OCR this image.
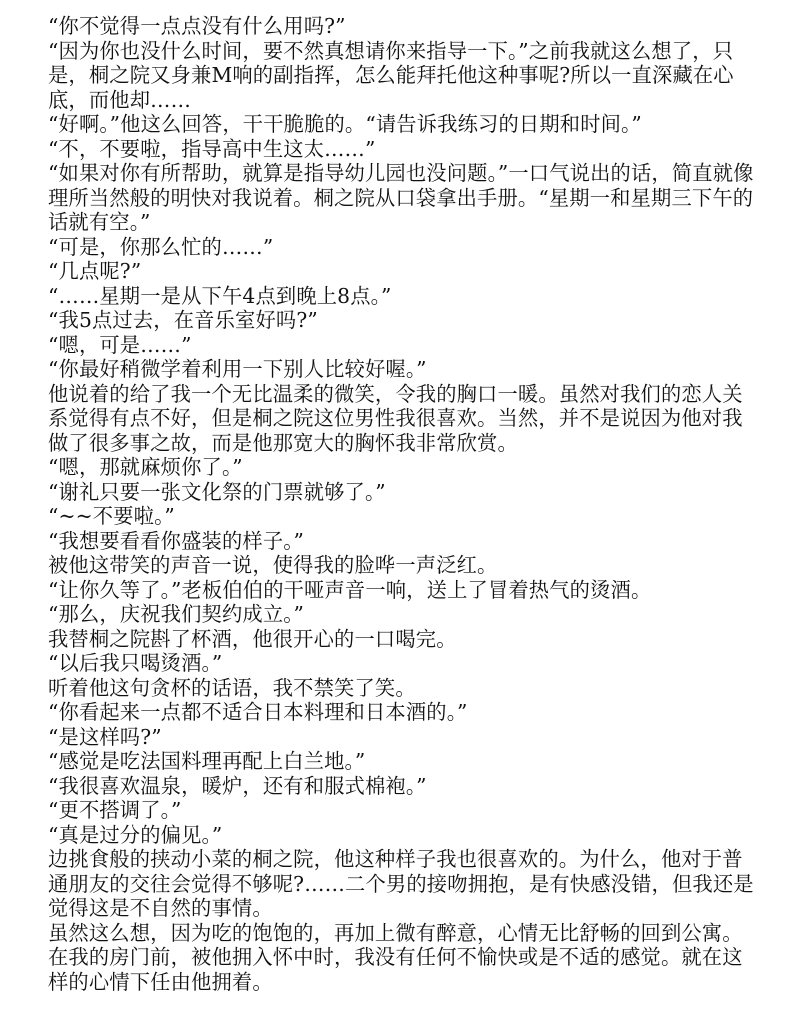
“你不觉得一点点没有什么用吗?”

“因为你也没什么时间，要不然真想请你来指导一下。”之前我就这么想了，只是，桐之院又身兼M响的副指挥，怎么能拜托他这种事呢?所以一直深藏在心底，而他却……

“好啊。”他这么回答，干干脆脆的。“请告诉我练习的日期和时间。”

“不，不要啦，指导高中生这太……”

“如果对你有所帮助，就算是指导幼儿园也没问题。”一口气说出的话，简直就像理所当然般的明快对我说着。桐之院从口袋拿出手册。“星期一和星期三下午的话就有空。”

“可是，你那么忙的……”

“几点呢?”

“……星期一是从下午4点到晚上8点。”

“我5点过去，在音乐室好吗?”

“嗯，可是……”

“你最好稍微学着利用一下别人比较好喔。”

他说着的给了我一个无比温柔的微笑，令我的胸口一暖。虽然对我们的恋人关系觉得有点不好，但是桐之院这位男性我很喜欢。当然，并不是说因为他对我做了很多事之故，而是他那宽大的胸怀我非常欣赏。

“嗯，那就麻烦你了。”

“谢礼只要一张文化祭的门票就够了。”

“~~不要啦。”

“我想要看看你盛装的样子。”

被他这带笑的声音一说，使得我的脸哗一声泛红。

“让你久等了。”老板伯伯的干哑声音一响，送上了冒着热气的烫酒。

“那么，庆祝我们契约成立。”

我替桐之院斟了杯酒，他很开心的一口喝完。

“以后我只喝烫酒。”

听着他这句贪杯的话语，我不禁笑了笑。

“你看起来一点都不适合日本料理和日本酒的。”

“是这样吗?”

“感觉是吃法国料理再配上白兰地。”

“我很喜欢温泉，暖炉，还有和服式棉袍。”

“更不搭调了。”

“真是过分的偏见。”

边挑食般的挟动小菜的桐之院，他这种样子我也很喜欢的。为什么，他对于普通朋友的交往会觉得不够呢?……二个男的接吻拥抱，是有快感没错，但我还是觉得这是不自然的事情。

虽然这么想，因为吃的饱饱的，再加上微有醉意，心情无比舒畅的回到公寓。在我的房门前，被他拥入怀中时，我没有任何不愉快或是不适的感觉。就在这样的心情下任由他拥着。
